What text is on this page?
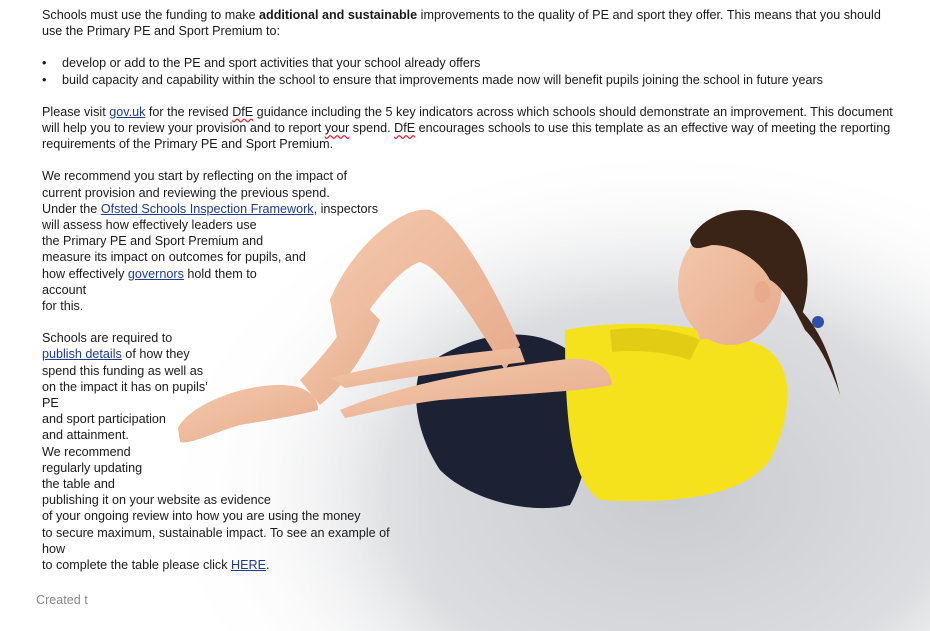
Schools must use the funding to make additional and sustainable improvements to the quality of PE and sport they offer. This means that you should use the Primary PE and Sport Premium to:

• develop or add to the PE and sport activities that your school already offers
• build capacity and capability within the school to ensure that improvements made now will benefit pupils joining the school in future years

Please visit gov.uk for the revised DfE guidance including the 5 key indicators across which schools should demonstrate an improvement. This document will help you to review your provision and to report your spend. DfE encourages schools to use this template as an effective way of meeting the reporting requirements of the Primary PE and Sport Premium.

We recommend you start by reflecting on the impact of
current provision and reviewing the previous spend.
Under the Ofsted Schools Inspection Framework, inspectors
will assess how effectively leaders use
the Primary PE and Sport Premium and
measure its impact on outcomes for pupils, and
how effectively governors hold them to
account
for this.
Schools are required to
publish details of how they
spend this funding as well as
on the impact it has on pupils’
PE
and sport participation
and attainment.
We recommend
regularly updating
the table and
publishing it on your website as evidence
of your ongoing review into how you are using the money
to secure maximum, sustainable impact. To see an example of how
to complete the table please click HERE.
Created t
